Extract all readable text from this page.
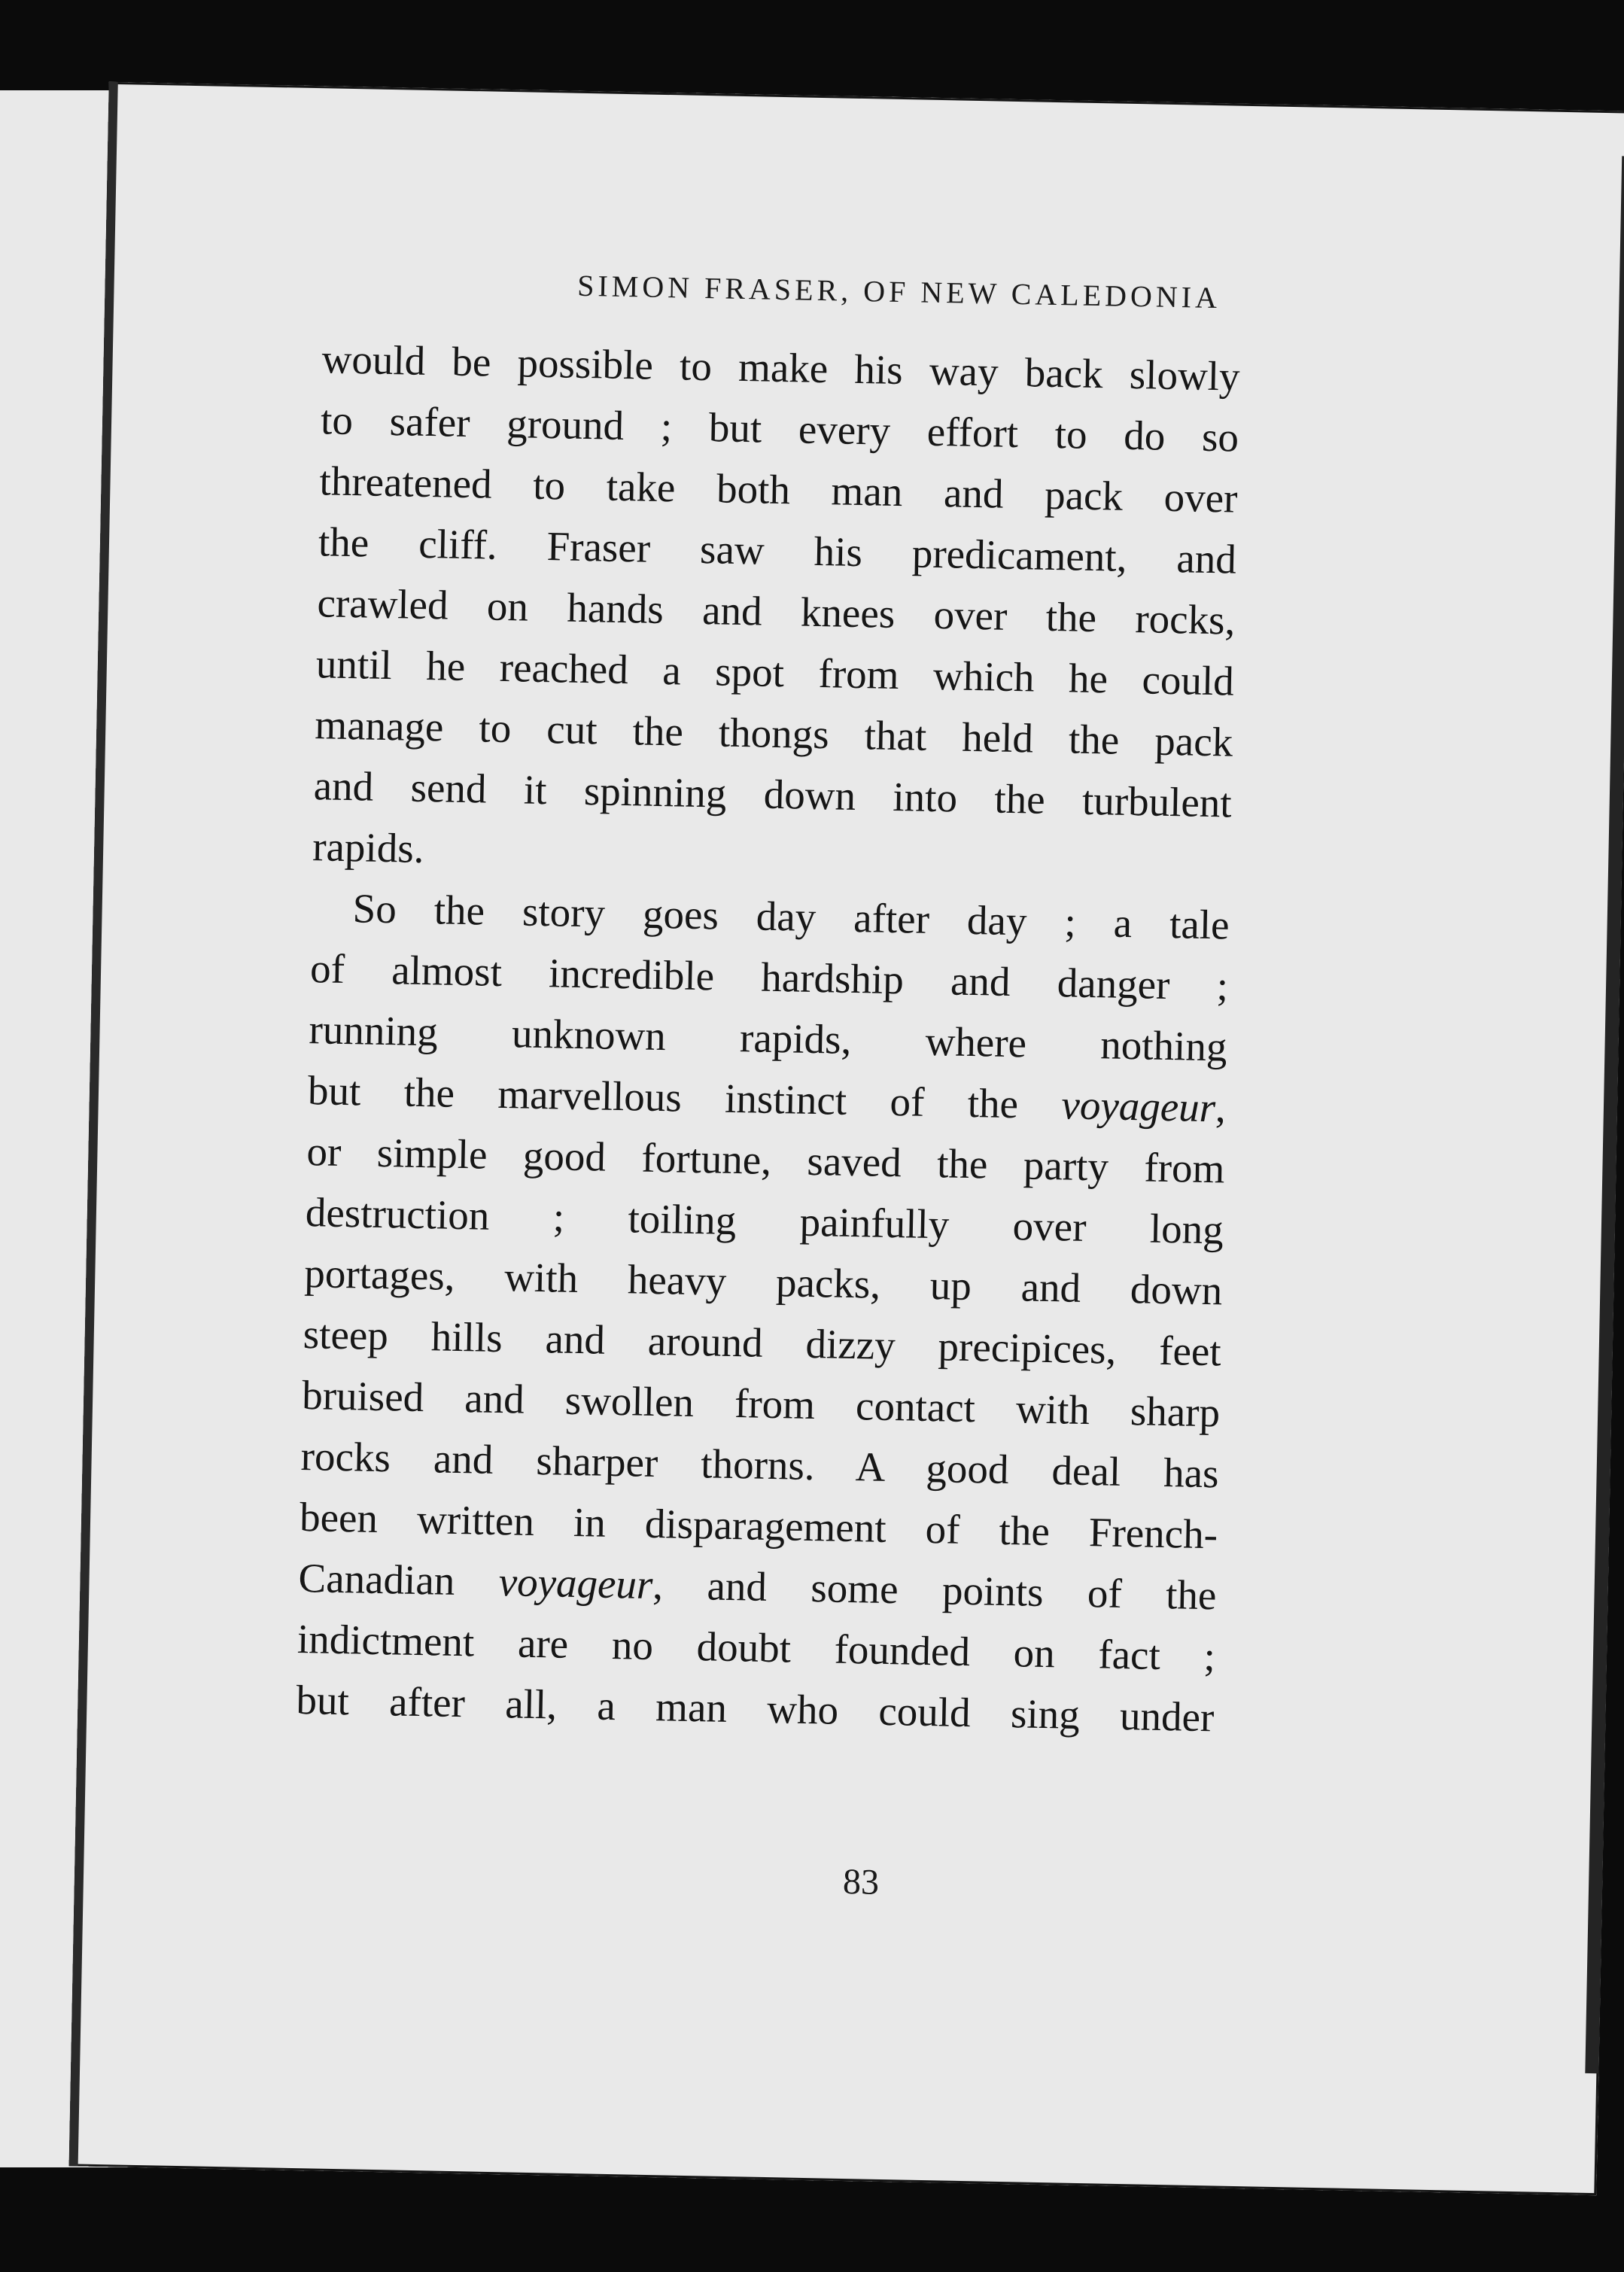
SIMON FRASER, OF NEW CALEDONIA
would be possible to make his way back slowly
to safer ground ; but every effort to do so
threatened to take both man and pack over
the cliff. Fraser saw his predicament, and
crawled on hands and knees over the rocks,
until he reached a spot from which he could
manage to cut the thongs that held the pack
and send it spinning down into the turbulent
rapids.
So the story goes day after day ; a tale
of almost incredible hardship and danger ;
running unknown rapids, where nothing
but the marvellous instinct of the voyageur,
or simple good fortune, saved the party from
destruction ; toiling painfully over long
portages, with heavy packs, up and down
steep hills and around dizzy precipices, feet
bruised and swollen from contact with sharp
rocks and sharper thorns. A good deal has
been written in disparagement of the French-
Canadian voyageur, and some points of the
indictment are no doubt founded on fact ;
but after all, a man who could sing under
83
